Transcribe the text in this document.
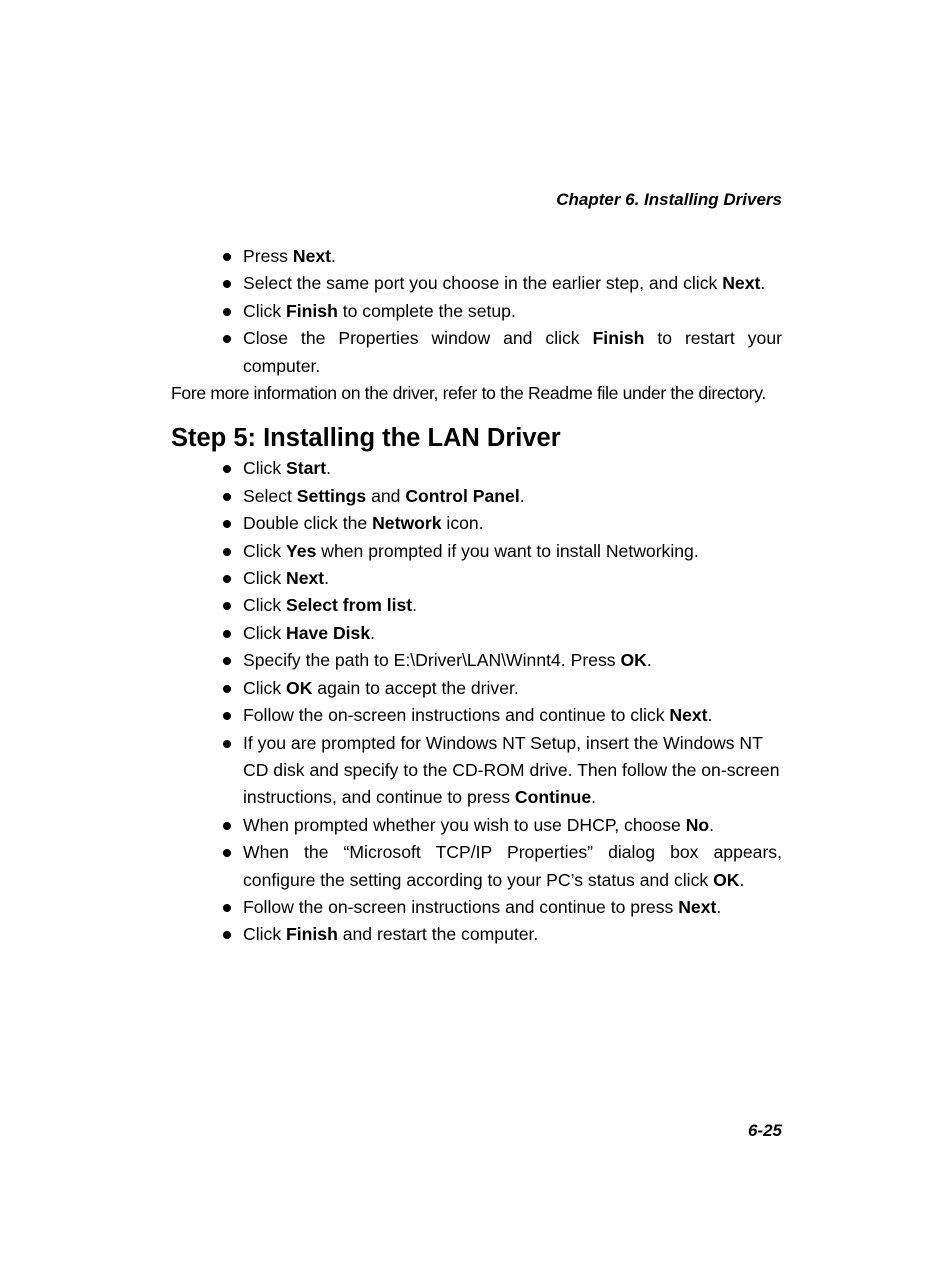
Chapter 6. Installing Drivers
Press Next.
Select the same port you choose in the earlier step, and click Next.
Click Finish to complete the setup.
Close the Properties window and click Finish to restart your computer.

Fore more information on the driver, refer to the Readme file under the directory.

Step 5: Installing the LAN Driver
Click Start.
Select Settings and Control Panel.
Double click the Network icon.
Click Yes when prompted if you want to install Networking.
Click Next.
Click Select from list.
Click Have Disk.
Specify the path to E:\Driver\LAN\Winnt4. Press OK.
Click OK again to accept the driver.
Follow the on-screen instructions and continue to click Next.
If you are prompted for Windows NT Setup, insert the Windows NT CD disk and specify to the CD-ROM drive. Then follow the on-screen instructions, and continue to press Continue.
When prompted whether you wish to use DHCP, choose No.
When the “Microsoft TCP/IP Properties” dialog box appears, configure the setting according to your PC’s status and click OK.
Follow the on-screen instructions and continue to press Next.
Click Finish and restart the computer.
6-25
